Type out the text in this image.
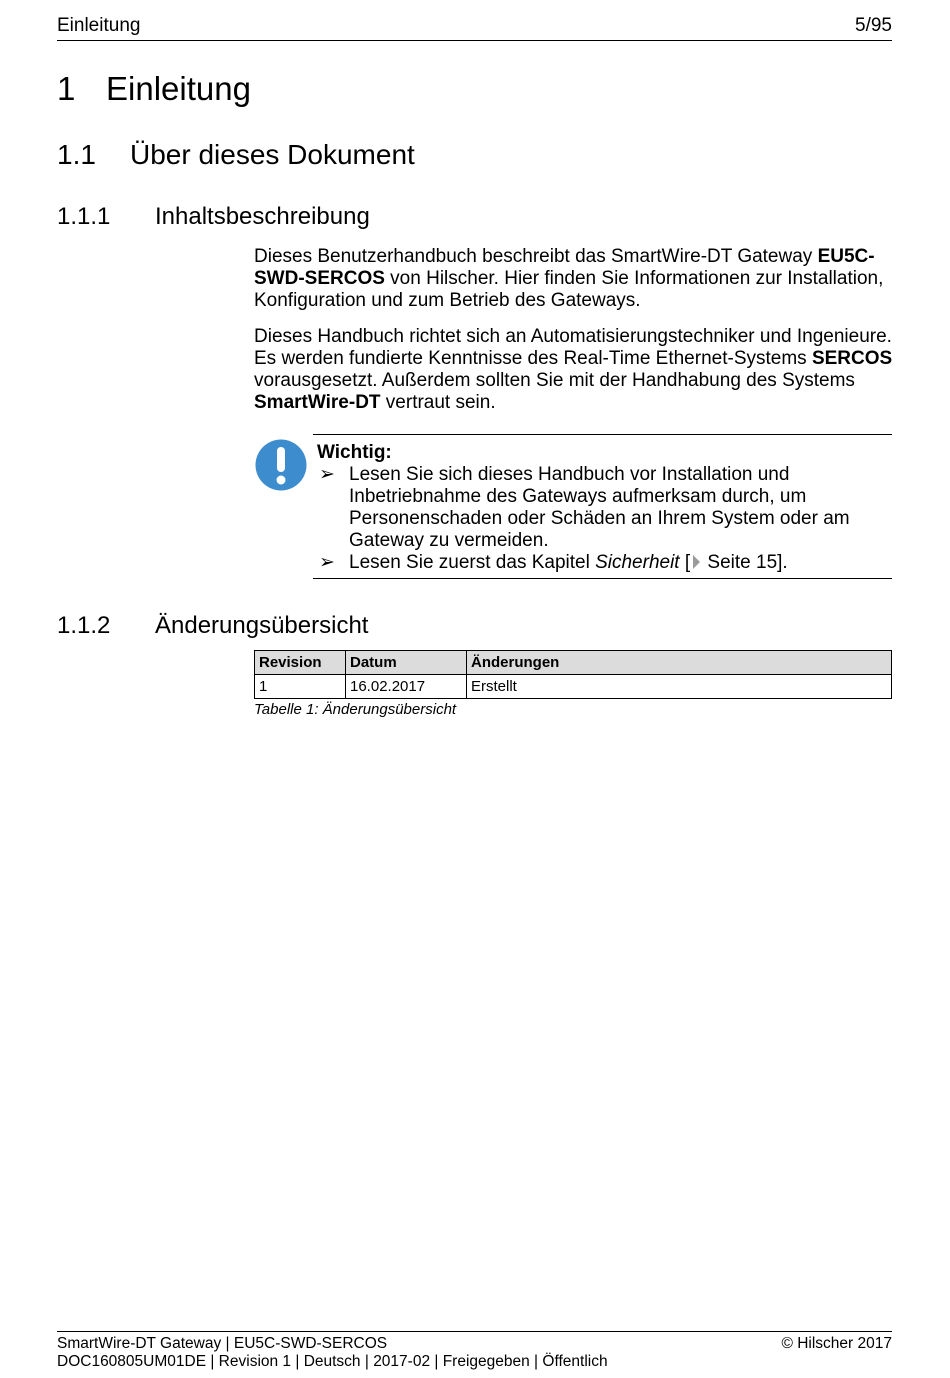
Einleitung	5/95
1 Einleitung
1.1 Über dieses Dokument
1.1.1 Inhaltsbeschreibung
Dieses Benutzerhandbuch beschreibt das SmartWire-DT Gateway EU5C-SWD-SERCOS von Hilscher. Hier finden Sie Informationen zur Installation, Konfiguration und zum Betrieb des Gateways.
Dieses Handbuch richtet sich an Automatisierungstechniker und Ingenieure. Es werden fundierte Kenntnisse des Real-Time Ethernet-Systems SERCOS vorausgesetzt. Außerdem sollten Sie mit der Handhabung des Systems SmartWire-DT vertraut sein.
Wichtig:
➢ Lesen Sie sich dieses Handbuch vor Installation und Inbetriebnahme des Gateways aufmerksam durch, um Personenschaden oder Schäden an Ihrem System oder am Gateway zu vermeiden.
➢ Lesen Sie zuerst das Kapitel Sicherheit [ Seite 15].
1.1.2 Änderungsübersicht
Revision	Datum	Änderungen
1	16.02.2017	Erstellt
Tabelle 1: Änderungsübersicht
SmartWire-DT Gateway | EU5C-SWD-SERCOS
DOC160805UM01DE | Revision 1 | Deutsch | 2017-02 | Freigegeben | Öffentlich
© Hilscher 2017
